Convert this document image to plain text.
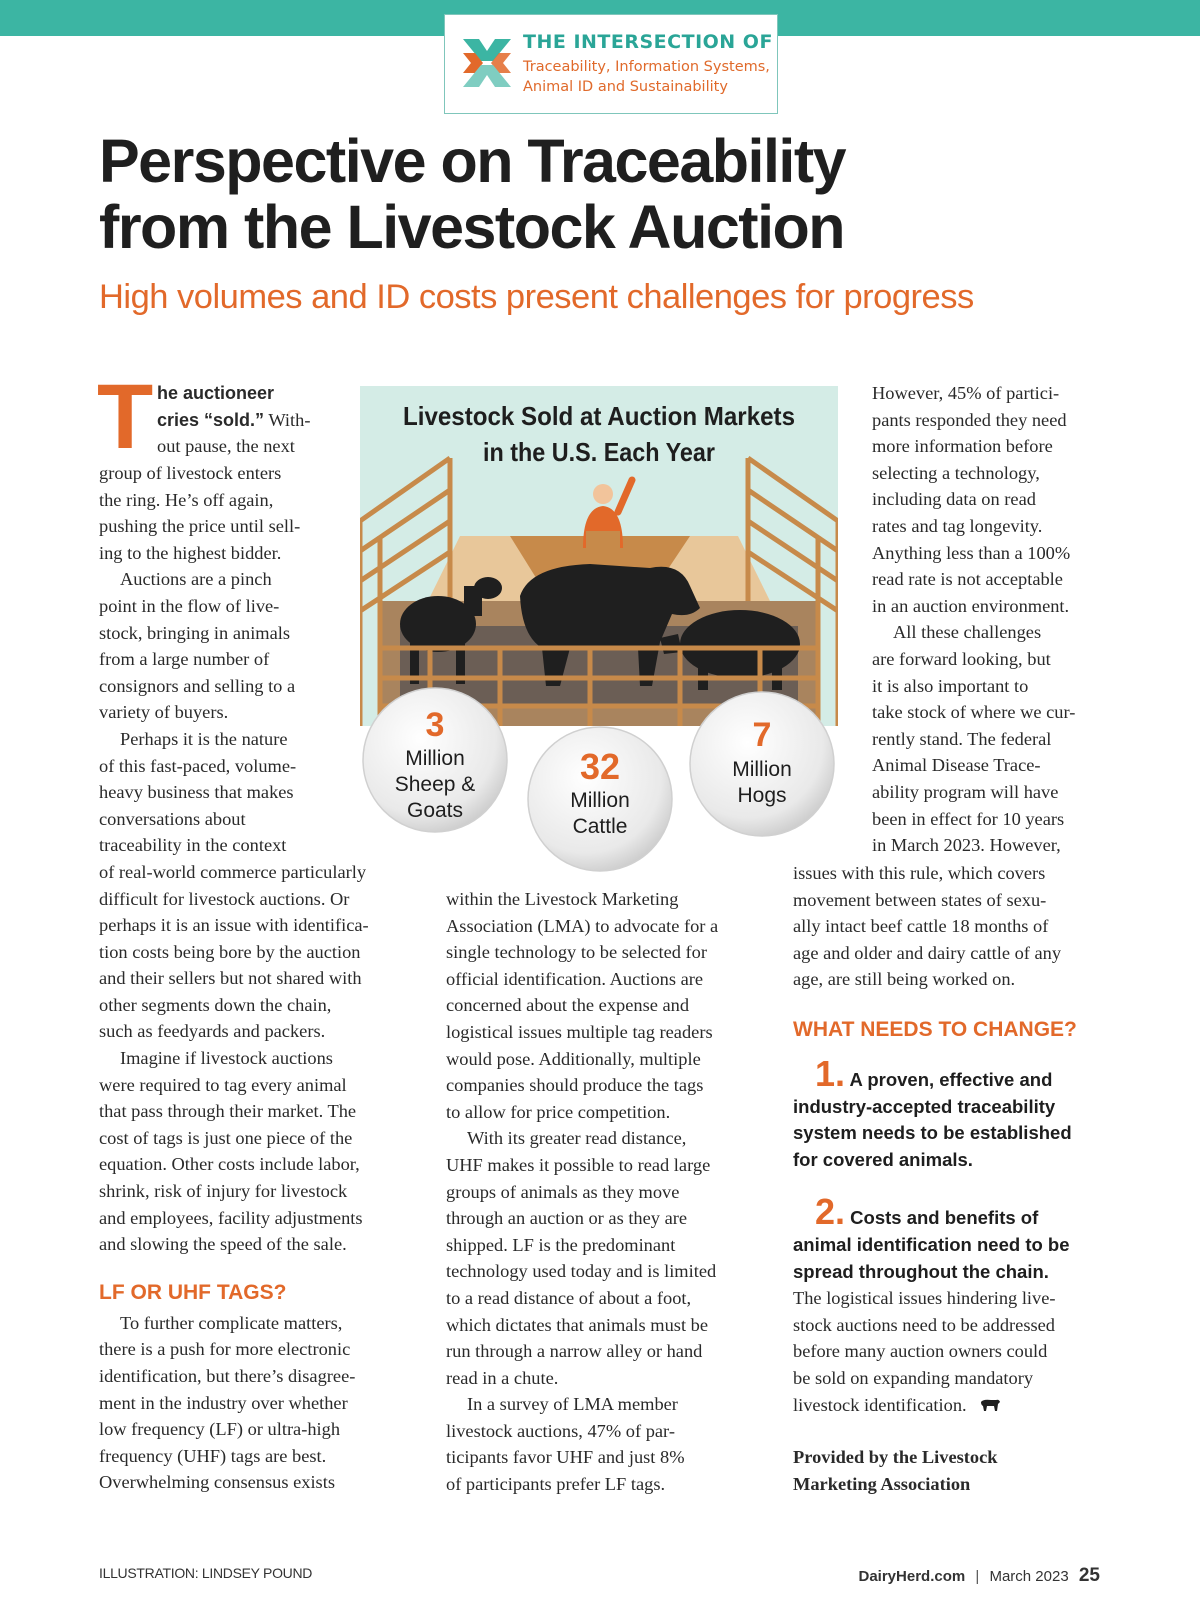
THE INTERSECTION OF
Traceability, Information Systems,
Animal ID and Sustainability
Perspective on Traceability
from the Livestock Auction
High volumes and ID costs present challenges for progress
Livestock Sold at Auction Markets
in the U.S. Each Year
3
Million
Sheep &
Goats
32
Million
Cattle
7
Million
Hogs
T he auctioneer
cries “sold.” With-
out pause, the next
group of livestock enters
the ring. He’s off again,
pushing the price until sell-
ing to the highest bidder.
Auctions are a pinch
point in the flow of live-
stock, bringing in animals
from a large number of
consignors and selling to a
variety of buyers.
Perhaps it is the nature
of this fast-paced, volume-
heavy business that makes
conversations about
traceability in the context
of real-world commerce particularly
difficult for livestock auctions. Or
perhaps it is an issue with identifica-
tion costs being bore by the auction
and their sellers but not shared with
other segments down the chain,
such as feedyards and packers.
Imagine if livestock auctions
were required to tag every animal
that pass through their market. The
cost of tags is just one piece of the
equation. Other costs include labor,
shrink, risk of injury for livestock
and employees, facility adjustments
and slowing the speed of the sale.

LF OR UHF TAGS?

To further complicate matters,
there is a push for more electronic
identification, but there’s disagree-
ment in the industry over whether
low frequency (LF) or ultra-high
frequency (UHF) tags are best.
Overwhelming consensus exists
within the Livestock Marketing
Association (LMA) to advocate for a
single technology to be selected for
official identification. Auctions are
concerned about the expense and
logistical issues multiple tag readers
would pose. Additionally, multiple
companies should produce the tags
to allow for price competition.
With its greater read distance,
UHF makes it possible to read large
groups of animals as they move
through an auction or as they are
shipped. LF is the predominant
technology used today and is limited
to a read distance of about a foot,
which dictates that animals must be
run through a narrow alley or hand
read in a chute.
In a survey of LMA member
livestock auctions, 47% of par-
ticipants favor UHF and just 8%
of participants prefer LF tags.
However, 45% of partici-
pants responded they need
more information before
selecting a technology,
including data on read
rates and tag longevity.
Anything less than a 100%
read rate is not acceptable
in an auction environment.
All these challenges
are forward looking, but
it is also important to
take stock of where we cur-
rently stand. The federal
Animal Disease Trace-
ability program will have
been in effect for 10 years
in March 2023. However,
issues with this rule, which covers
movement between states of sexu-
ally intact beef cattle 18 months of
age and older and dairy cattle of any
age, are still being worked on.

WHAT NEEDS TO CHANGE?

1. A proven, effective and
industry-accepted traceability
system needs to be established
for covered animals.
2. Costs and benefits of
animal identification need to be
spread throughout the chain.
The logistical issues hindering live-
stock auctions need to be addressed
before many auction owners could
be sold on expanding mandatory
livestock identification.
Provided by the Livestock
Marketing Association
ILLUSTRATION: LINDSEY POUND	DairyHerd.com | March 2023 25
